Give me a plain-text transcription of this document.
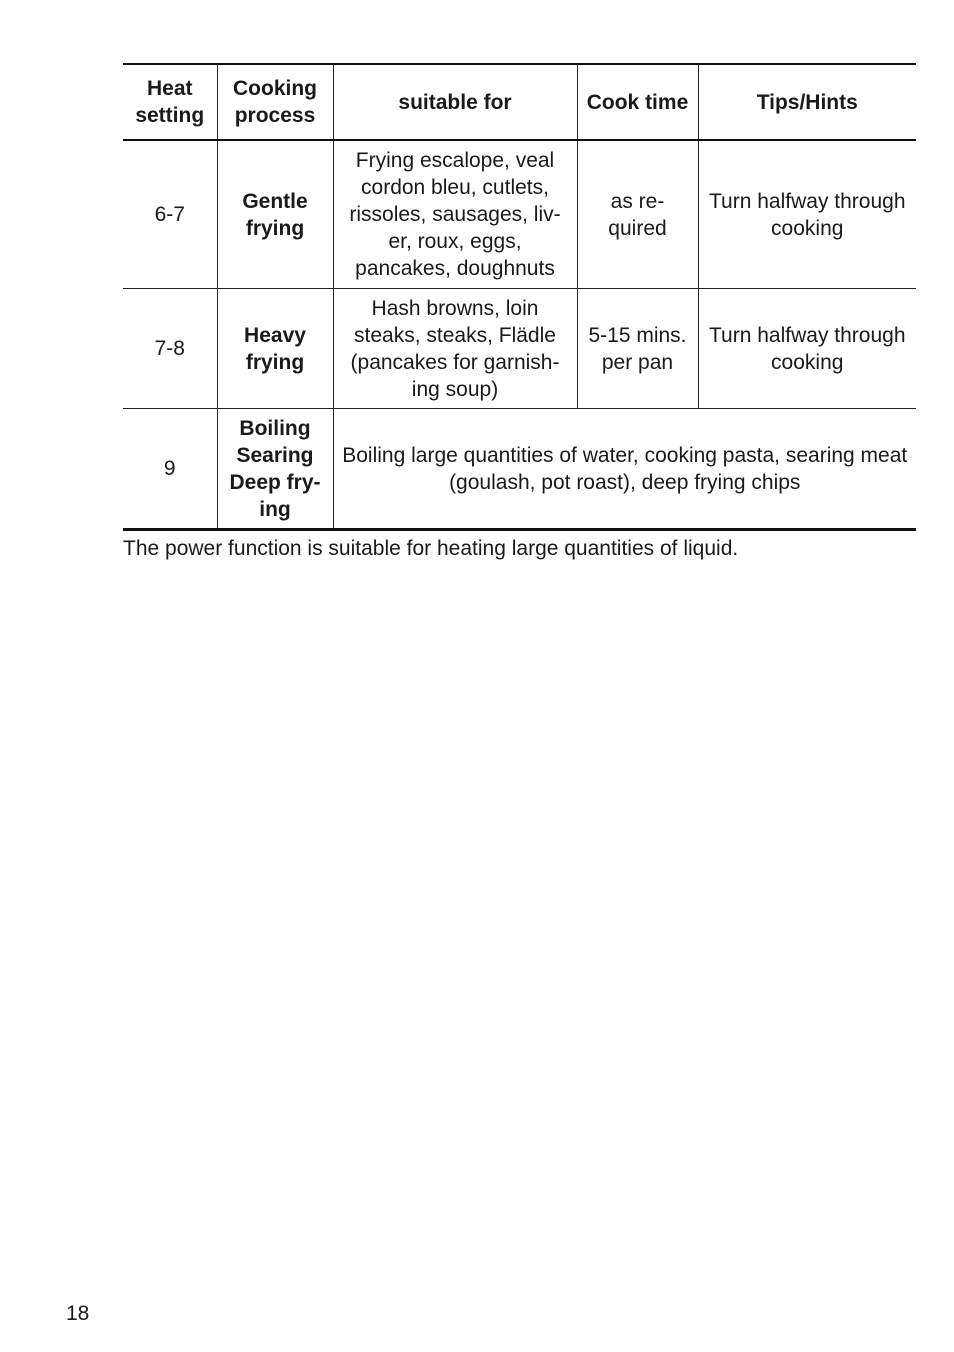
Heat setting	Cooking process	suitable for	Cook time	Tips/Hints
6-7	Gentle frying	Frying escalope, veal cordon bleu, cutlets, rissoles, sausages, liv-er, roux, eggs, pancakes, doughnuts	as re-quired	Turn halfway through cooking
7-8	Heavy frying	Hash browns, loin steaks, steaks, Flädle (pancakes for garnish-ing soup)	5-15 mins. per pan	Turn halfway through cooking
9	Boiling Searing Deep fry-ing	Boiling large quantities of water, cooking pasta, searing meat (goulash, pot roast), deep frying chips		
The power function is suitable for heating large quantities of liquid.
18
